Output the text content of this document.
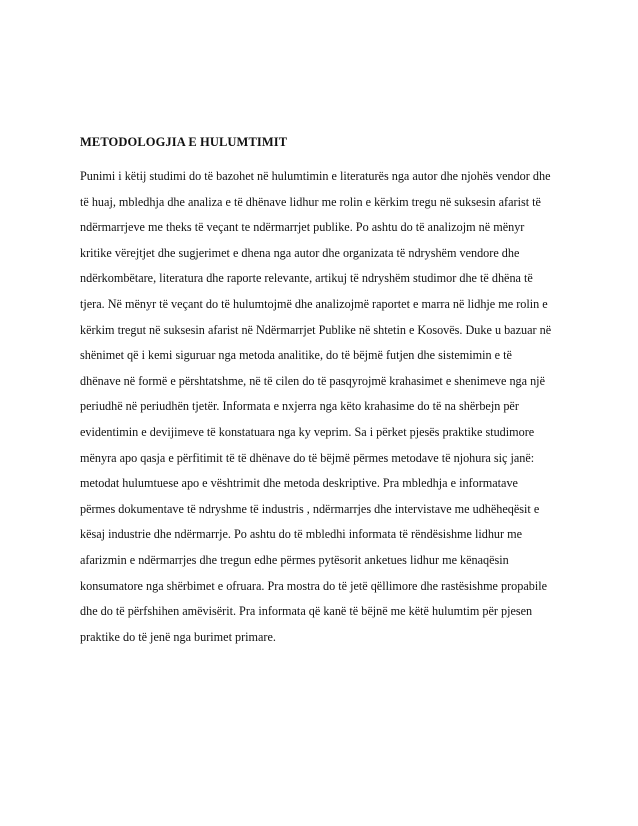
METODOLOGJIA E HULUMTIMIT
Punimi i këtij studimi do të bazohet në hulumtimin e literaturës nga autor dhe njohës vendor dhe
të huaj, mbledhja dhe analiza e të dhënave lidhur me rolin e kërkim tregu në suksesin afarist të
ndërmarrjeve me theks të veçant te ndërmarrjet publike. Po ashtu do të analizojm në mënyr
kritike vërejtjet dhe sugjerimet e dhena nga autor dhe organizata të ndryshëm vendore dhe
ndërkombëtare, literatura dhe raporte relevante, artikuj të ndryshëm studimor dhe të dhëna të
tjera. Në mënyr të veçant do të hulumtojmë dhe analizojmë raportet e marra në lidhje me rolin e
kërkim tregut në suksesin afarist në Ndërmarrjet Publike në shtetin e Kosovës. Duke u bazuar në
shënimet që i kemi siguruar nga metoda analitike, do të bëjmë futjen dhe sistemimin e të
dhënave në formë e përshtatshme, në të cilen do të pasqyrojmë krahasimet e shenimeve nga një
periudhë në periudhën tjetër. Informata e nxjerra nga këto krahasime do të na shërbejn për
evidentimin e devijimeve të konstatuara nga ky veprim. Sa i përket pjesës praktike studimore
mënyra apo qasja e përfitimit të të dhënave do të bëjmë përmes metodave të njohura siç janë:
metodat hulumtuese apo e vështrimit dhe metoda deskriptive. Pra mbledhja e informatave
përmes dokumentave të ndryshme të industris , ndërmarrjes dhe intervistave me udhëheqësit e
kësaj industrie dhe ndërmarrje. Po ashtu do të mbledhi informata të rëndësishme lidhur me
afarizmin e ndërmarrjes dhe tregun edhe përmes pytësorit anketues lidhur me kënaqësin
konsumatore nga shërbimet e ofruara. Pra mostra do të jetë qëllimore dhe rastësishme propabile
dhe do të përfshihen amëvisërit. Pra informata që kanë të bëjnë me këtë hulumtim për pjesen
praktike do të jenë nga burimet primare.
